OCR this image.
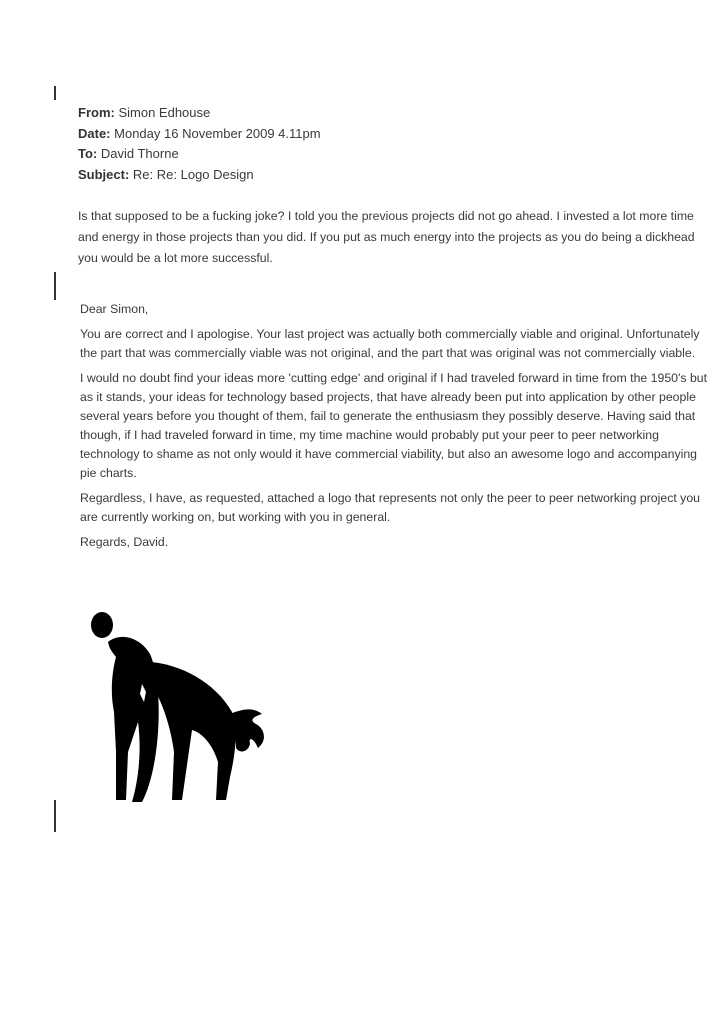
From: Simon Edhouse
Date: Monday 16 November 2009 4.11pm
To: David Thorne
Subject: Re: Re: Logo Design
Is that supposed to be a fucking joke? I told you the previous projects did not go ahead. I invested a lot more time and energy in those projects than you did. If you put as much energy into the projects as you do being a dickhead you would be a lot more successful.

Dear Simon,

You are correct and I apologise. Your last project was actually both commercially viable and original. Unfortunately the part that was commercially viable was not original, and the part that was original was not commercially viable.

I would no doubt find your ideas more 'cutting edge' and original if I had traveled forward in time from the 1950's but as it stands, your ideas for technology based projects, that have already been put into application by other people several years before you thought of them, fail to generate the enthusiasm they possibly deserve. Having said that though, if I had traveled forward in time, my time machine would probably put your peer to peer networking technology to shame as not only would it have commercial viability, but also an awesome logo and accompanying pie charts.

Regardless, I have, as requested, attached a logo that represents not only the peer to peer networking project you are currently working on, but working with you in general.

Regards, David.
